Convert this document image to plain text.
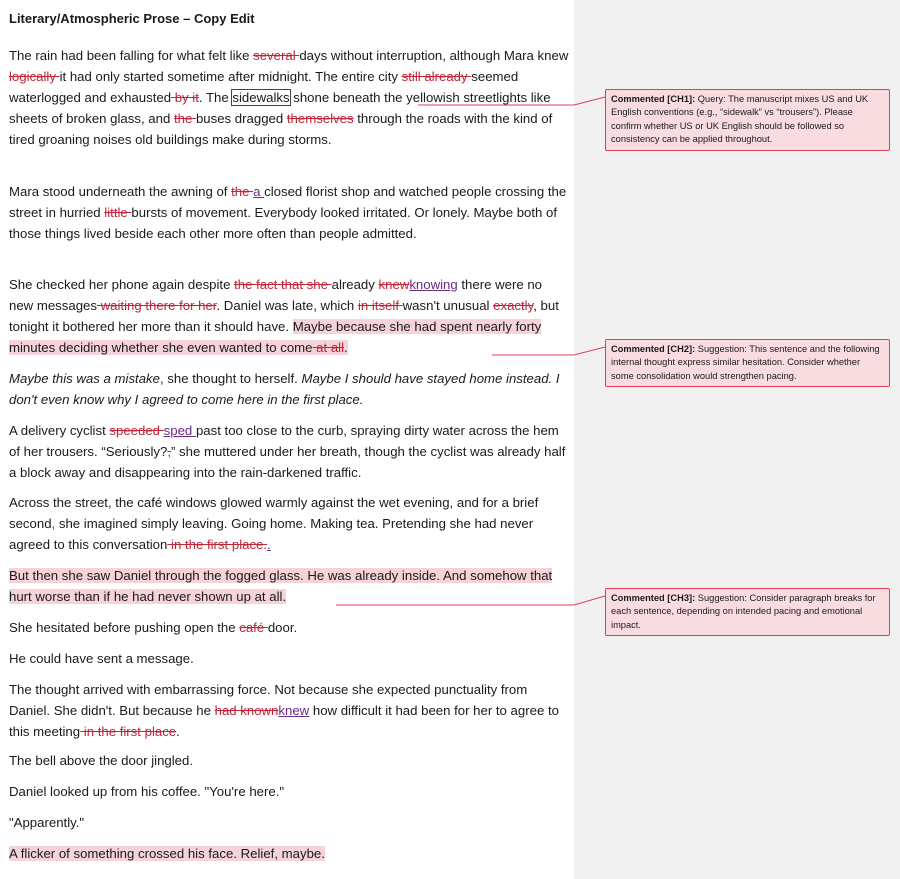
Literary/Atmospheric Prose – Copy Edit

The rain had been falling for what felt like several days without interruption, although Mara knew logically it had only started sometime after midnight. The entire city still already seemed waterlogged and exhausted by it. The sidewalks shone beneath the yellowish streetlights like sheets of broken glass, and the buses dragged themselves through the roads with the kind of tired groaning noises old buildings make during storms.

Mara stood underneath the awning of the a closed florist shop and watched people crossing the street in hurried little bursts of movement. Everybody looked irritated. Or lonely. Maybe both of those things lived beside each other more often than people admitted.

She checked her phone again despite the fact that she already knewknowing there were no new messages waiting there for her. Daniel was late, which in itself wasn't unusual exactly, but tonight it bothered her more than it should have. Maybe because she had spent nearly forty minutes deciding whether she even wanted to come at all.

Maybe this was a mistake, she thought to herself. Maybe I should have stayed home instead. I don't even know why I agreed to come here in the first place.

A delivery cyclist speeded sped past too close to the curb, spraying dirty water across the hem of her trousers. “Seriously?,” she muttered under her breath, though the cyclist was already half a block away and disappearing into the rain-darkened traffic.

Across the street, the café windows glowed warmly against the wet evening, and for a brief second, she imagined simply leaving. Going home. Making tea. Pretending she had never agreed to this conversation in the first place..

But then she saw Daniel through the fogged glass. He was already inside. And somehow that hurt worse than if he had never shown up at all.

She hesitated before pushing open the café door.

He could have sent a message.

The thought arrived with embarrassing force. Not because she expected punctuality from Daniel. She didn't. But because he had knownknew how difficult it had been for her to agree to this meeting in the first place.

The bell above the door jingled.

Daniel looked up from his coffee. "You're here."

"Apparently."

A flicker of something crossed his face. Relief, maybe.

Commented [CH1]: Query: The manuscript mixes US and UK English conventions (e.g., “sidewalk” vs “trousers”). Please confirm whether US or UK English should be followed so consistency can be applied throughout.
Commented [CH2]: Suggestion: This sentence and the following internal thought express similar hesitation. Consider whether some consolidation would strengthen pacing.
Commented [CH3]: Suggestion: Consider paragraph breaks for each sentence, depending on intended pacing and emotional impact.
